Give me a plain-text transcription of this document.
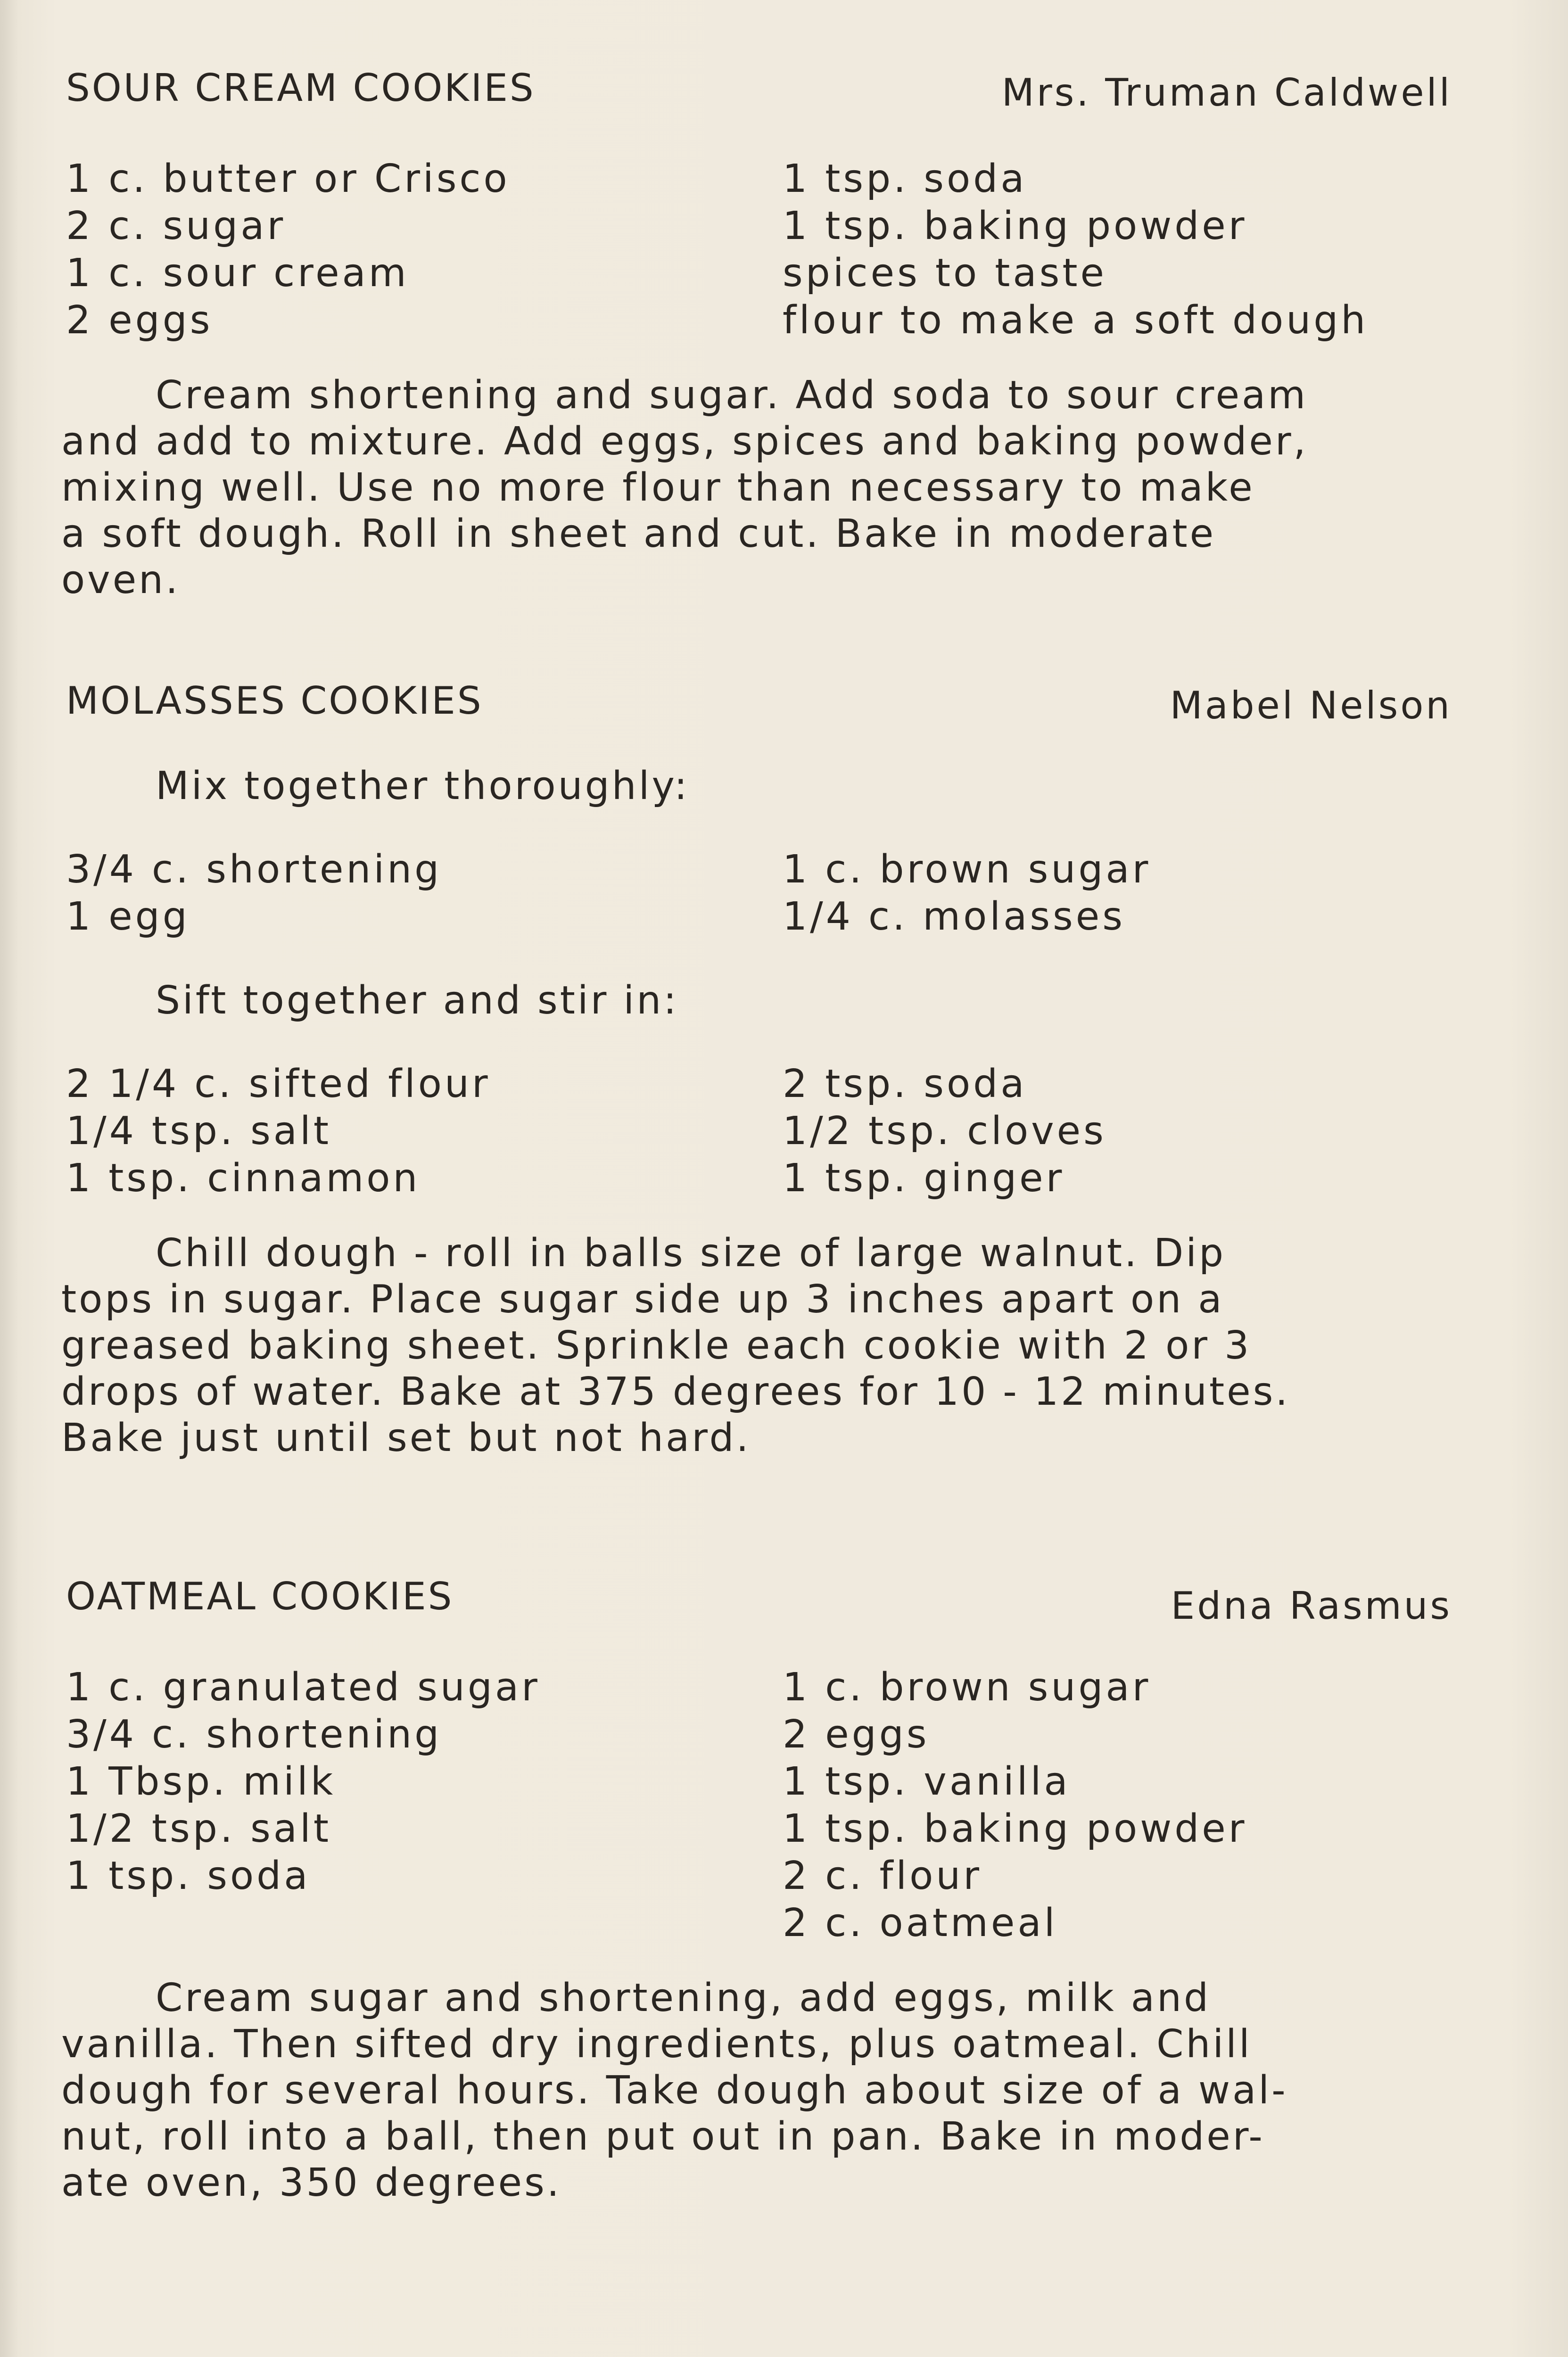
SOUR CREAM COOKIES	Mrs. Truman Caldwell
1 c. butter or Crisco
2 c. sugar
1 c. sour cream
2 eggs
1 tsp. soda
1 tsp. baking powder
spices to taste
flour to make a soft dough
Cream shortening and sugar. Add soda to sour cream
and add to mixture. Add eggs, spices and baking powder,
mixing well. Use no more flour than necessary to make
a soft dough. Roll in sheet and cut. Bake in moderate
oven.
MOLASSES COOKIES	Mabel Nelson
Mix together thoroughly:
3/4 c. shortening
1 egg
1 c. brown sugar
1/4 c. molasses
Sift together and stir in:
2 1/4 c. sifted flour
1/4 tsp. salt
1 tsp. cinnamon
2 tsp. soda
1/2 tsp. cloves
1 tsp. ginger
Chill dough - roll in balls size of large walnut. Dip
tops in sugar. Place sugar side up 3 inches apart on a
greased baking sheet. Sprinkle each cookie with 2 or 3
drops of water. Bake at 375 degrees for 10 - 12 minutes.
Bake just until set but not hard.
OATMEAL COOKIES	Edna Rasmus
1 c. granulated sugar
3/4 c. shortening
1 Tbsp. milk
1/2 tsp. salt
1 tsp. soda
1 c. brown sugar
2 eggs
1 tsp. vanilla
1 tsp. baking powder
2 c. flour
2 c. oatmeal
Cream sugar and shortening, add eggs, milk and
vanilla. Then sifted dry ingredients, plus oatmeal. Chill
dough for several hours. Take dough about size of a wal-
nut, roll into a ball, then put out in pan. Bake in moder-
ate oven, 350 degrees.
